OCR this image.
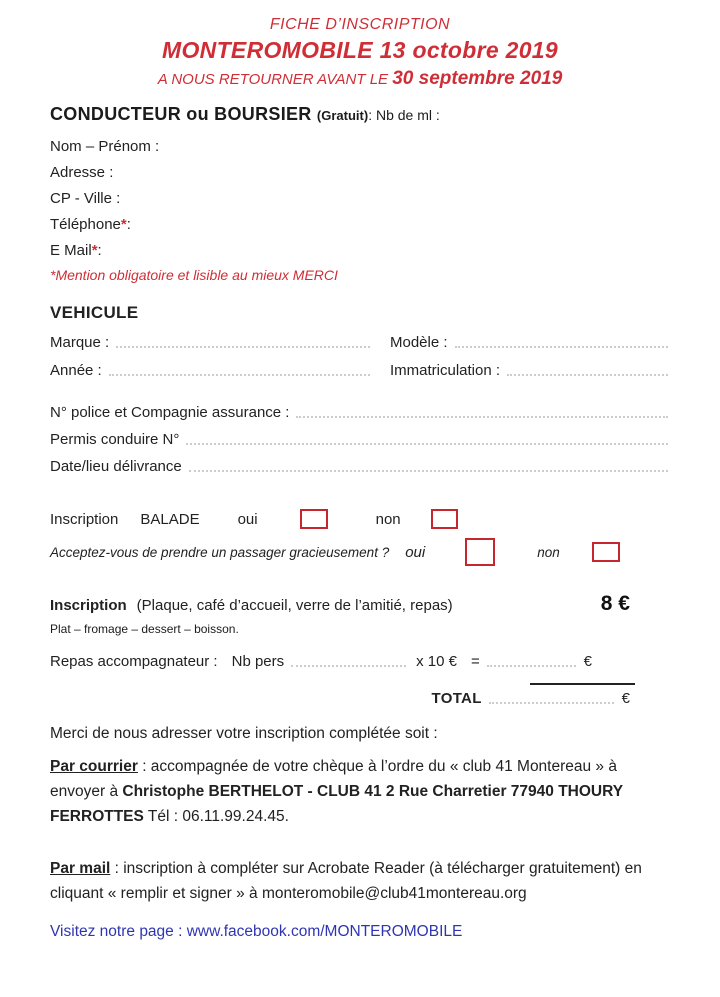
FICHE D’INSCRIPTION
MONTEROMOBILE 13 octobre 2019
A NOUS RETOURNER AVANT LE 30 septembre 2019
CONDUCTEUR ou BOURSIER (Gratuit): Nb de ml :
Nom – Prénom :
Adresse :
CP - Ville :
Téléphone * :
E Mail * :
*Mention obligatoire et lisible au mieux MERCI
VEHICULE
Marque :	Modèle :
Année :	Immatriculation :
N° police et Compagnie assurance :
Permis conduire N°
Date/lieu délivrance
Inscription BALADE	oui	non
Acceptez-vous de prendre un passager gracieusement ? oui	non
Inscription (Plaque, café d’accueil, verre de l’amitié, repas)	8 €
Plat – fromage – dessert – boisson.
Repas accompagnateur : Nb pers	x 10 € =	€
TOTAL	€
Merci de nous adresser votre inscription complétée soit :
Par courrier : accompagnée de votre chèque à l’ordre du « club 41 Montereau » à envoyer à Christophe BERTHELOT - CLUB 41 2 Rue Charretier 77940 THOURY FERROTTES Tél : 06.11.99.24.45.
Par mail : inscription à compléter sur Acrobate Reader (à télécharger gratuitement) en cliquant « remplir et signer » à monteromobile@club41montereau.org
Visitez notre page : www.facebook.com/MONTEROMOBILE
